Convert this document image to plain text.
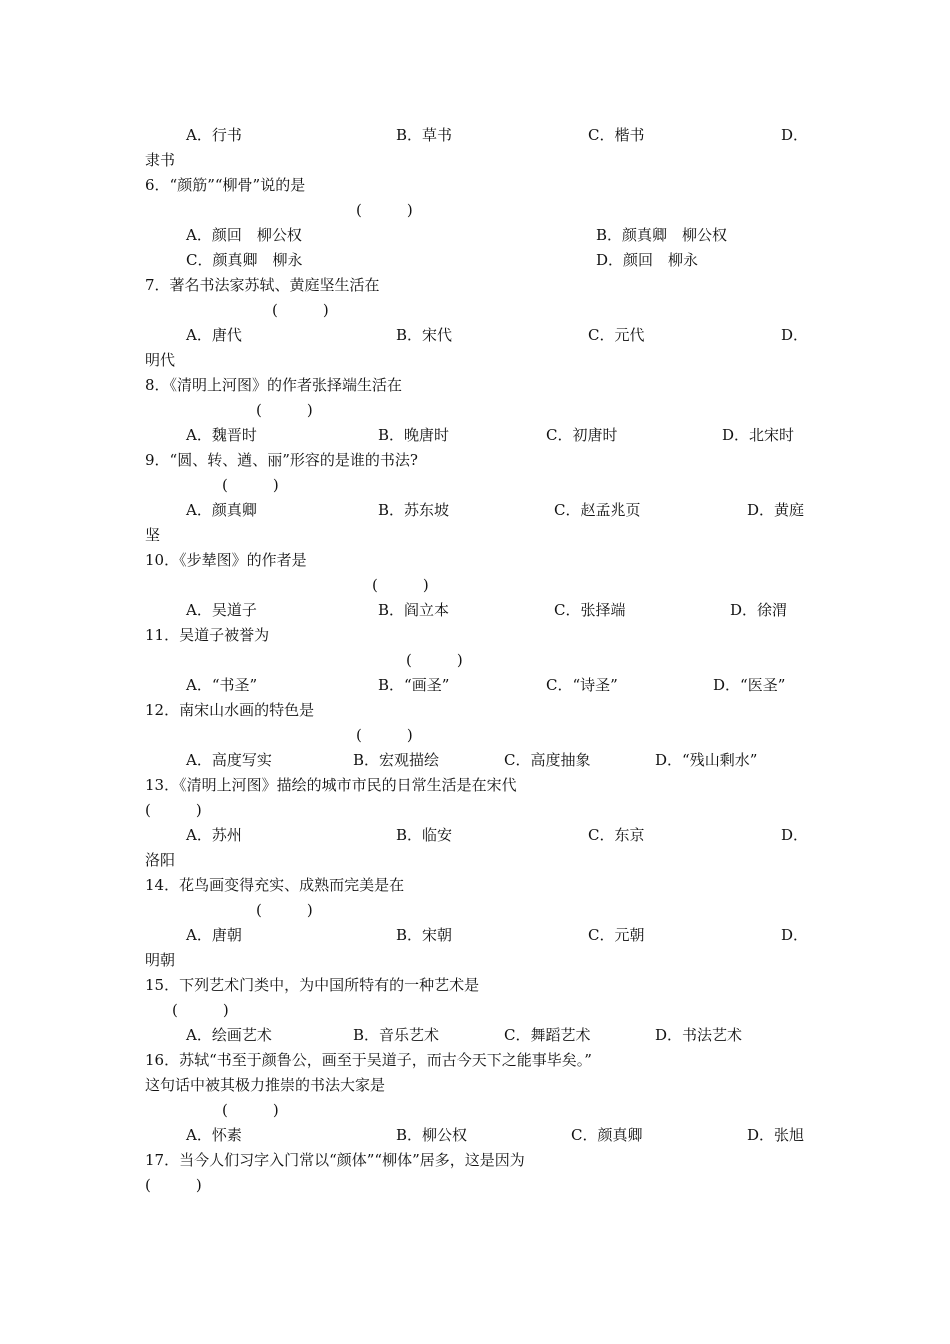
A．行书	B．草书	C．楷书	D．
隶书
6．“颜筋”“柳骨”说的是
(　　　)
A．颜回　柳公权	B．颜真卿　柳公权
C．颜真卿　柳永	D．颜回　柳永
7．著名书法家苏轼、黄庭坚生活在
(　　　)
A．唐代	B．宋代	C．元代	D．
明代
8．《清明上河图》的作者张择端生活在
(　　　)
A．魏晋时	B．晚唐时	C．初唐时	D．北宋时
9．“圆、转、遒、丽”形容的是谁的书法?
(　　　)
A．颜真卿	B．苏东坡	C．赵孟兆页	D．黄庭
坚
10．《步辇图》的作者是
(　　　)
A．吴道子	B．阎立本	C．张择端	D．徐渭
11．吴道子被誉为
(　　　)
A．“书圣”	B．“画圣”	C．“诗圣”	D．“医圣”
12．南宋山水画的特色是
(　　　)
A．高度写实	B．宏观描绘	C．高度抽象	D．“残山剩水”
13．《清明上河图》描绘的城市市民的日常生活是在宋代
(　　　)
A．苏州	B．临安	C．东京	D．
洛阳
14．花鸟画变得充实、成熟而完美是在
(　　　)
A．唐朝	B．宋朝	C．元朝	D．
明朝
15．下列艺术门类中，为中国所特有的一种艺术是
(　　　)
A．绘画艺术	B．音乐艺术	C．舞蹈艺术	D．书法艺术
16．苏轼“书至于颜鲁公，画至于吴道子，而古今天下之能事毕矣。”
这句话中被其极力推崇的书法大家是
(　　　)
A．怀素	B．柳公权	C．颜真卿	D．张旭
17．当今人们习字入门常以“颜体”“柳体”居多，这是因为
(　　　)
